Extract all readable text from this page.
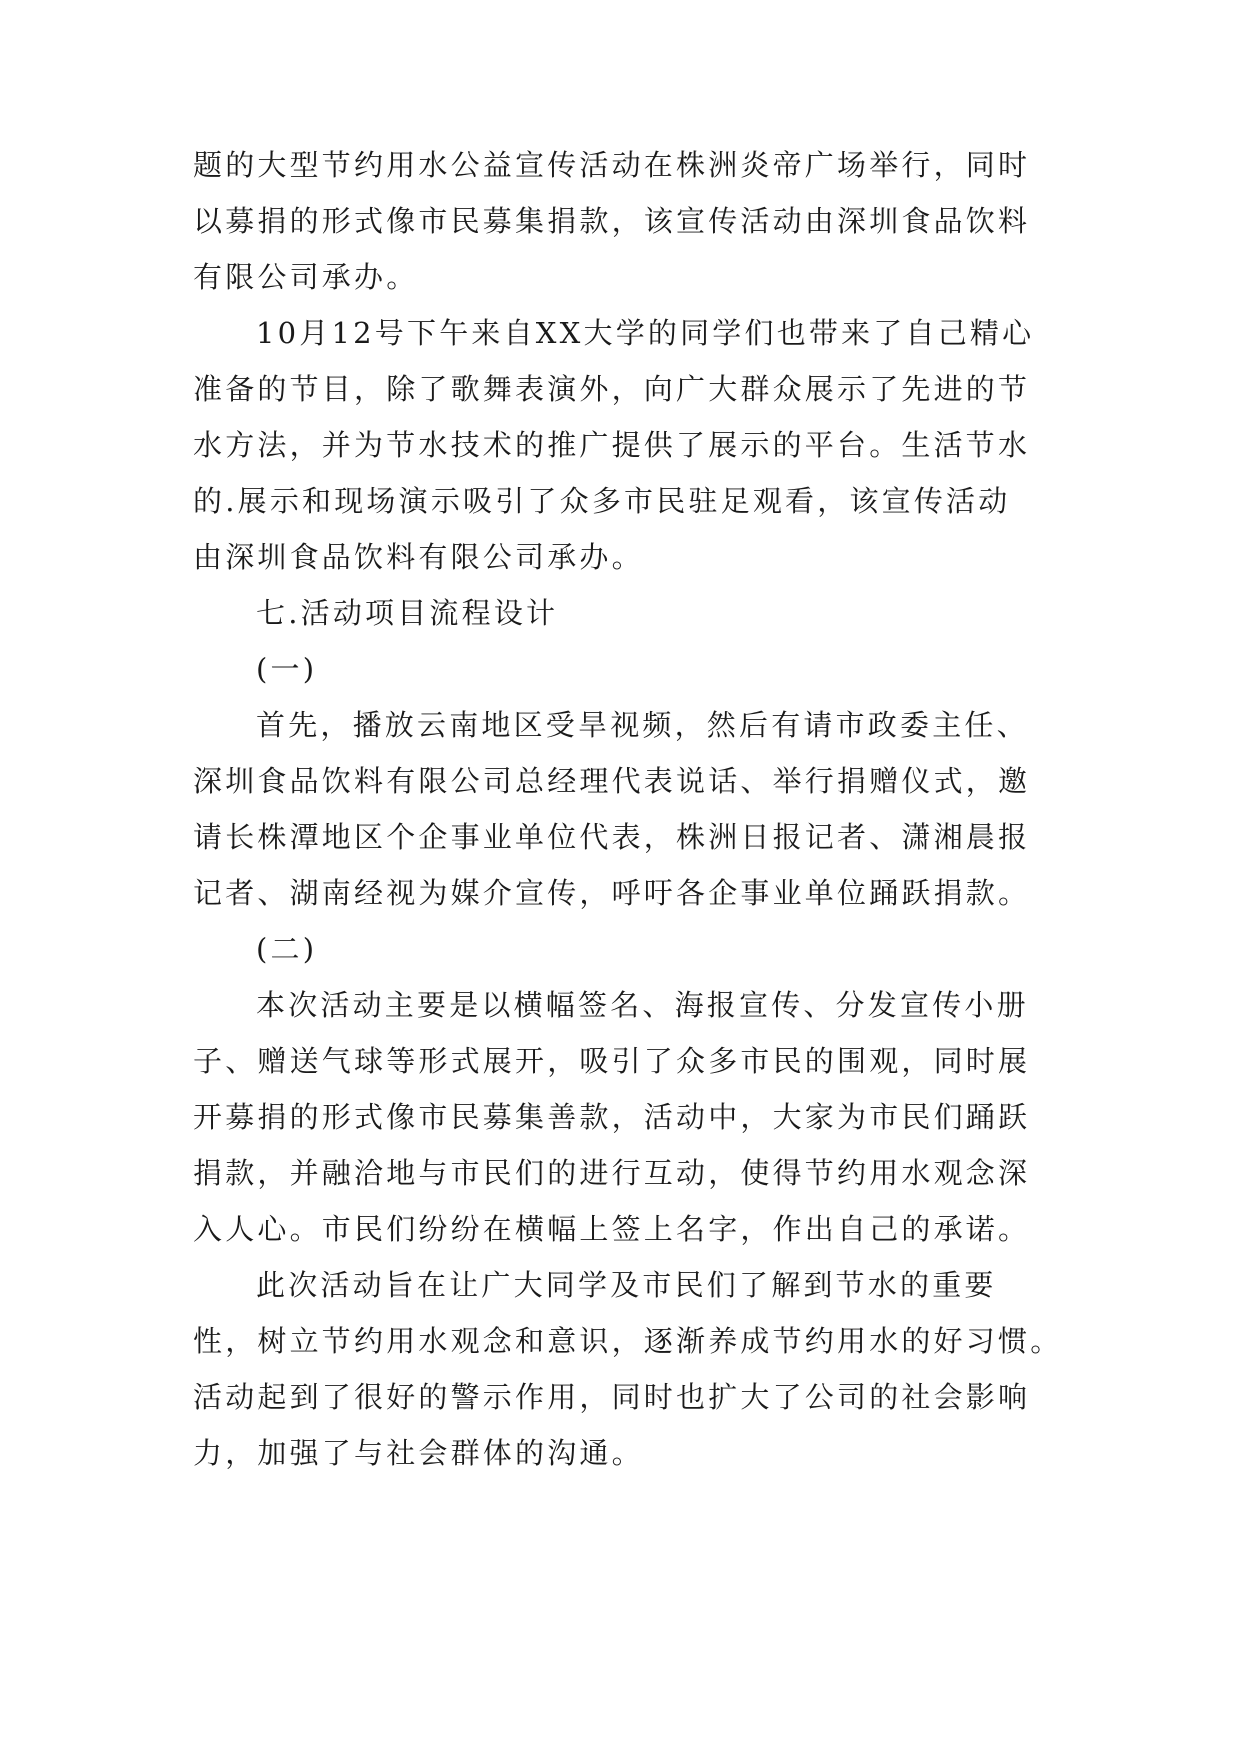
题的大型节约用水公益宣传活动在株洲炎帝广场举行，同时
以募捐的形式像市民募集捐款，该宣传活动由深圳食品饮料
有限公司承办。
10月12号下午来自XX大学的同学们也带来了自己精心
准备的节目，除了歌舞表演外，向广大群众展示了先进的节
水方法，并为节水技术的推广提供了展示的平台。生活节水
的.展示和现场演示吸引了众多市民驻足观看，该宣传活动
由深圳食品饮料有限公司承办。
七.活动项目流程设计
(一)
首先，播放云南地区受旱视频，然后有请市政委主任、
深圳食品饮料有限公司总经理代表说话、举行捐赠仪式，邀
请长株潭地区个企事业单位代表，株洲日报记者、潇湘晨报
记者、湖南经视为媒介宣传，呼吁各企事业单位踊跃捐款。
(二)
本次活动主要是以横幅签名、海报宣传、分发宣传小册
子、赠送气球等形式展开，吸引了众多市民的围观，同时展
开募捐的形式像市民募集善款，活动中，大家为市民们踊跃
捐款，并融洽地与市民们的进行互动，使得节约用水观念深
入人心。市民们纷纷在横幅上签上名字，作出自己的承诺。
此次活动旨在让广大同学及市民们了解到节水的重要
性，树立节约用水观念和意识，逐渐养成节约用水的好习惯。
活动起到了很好的警示作用，同时也扩大了公司的社会影响
力，加强了与社会群体的沟通。
